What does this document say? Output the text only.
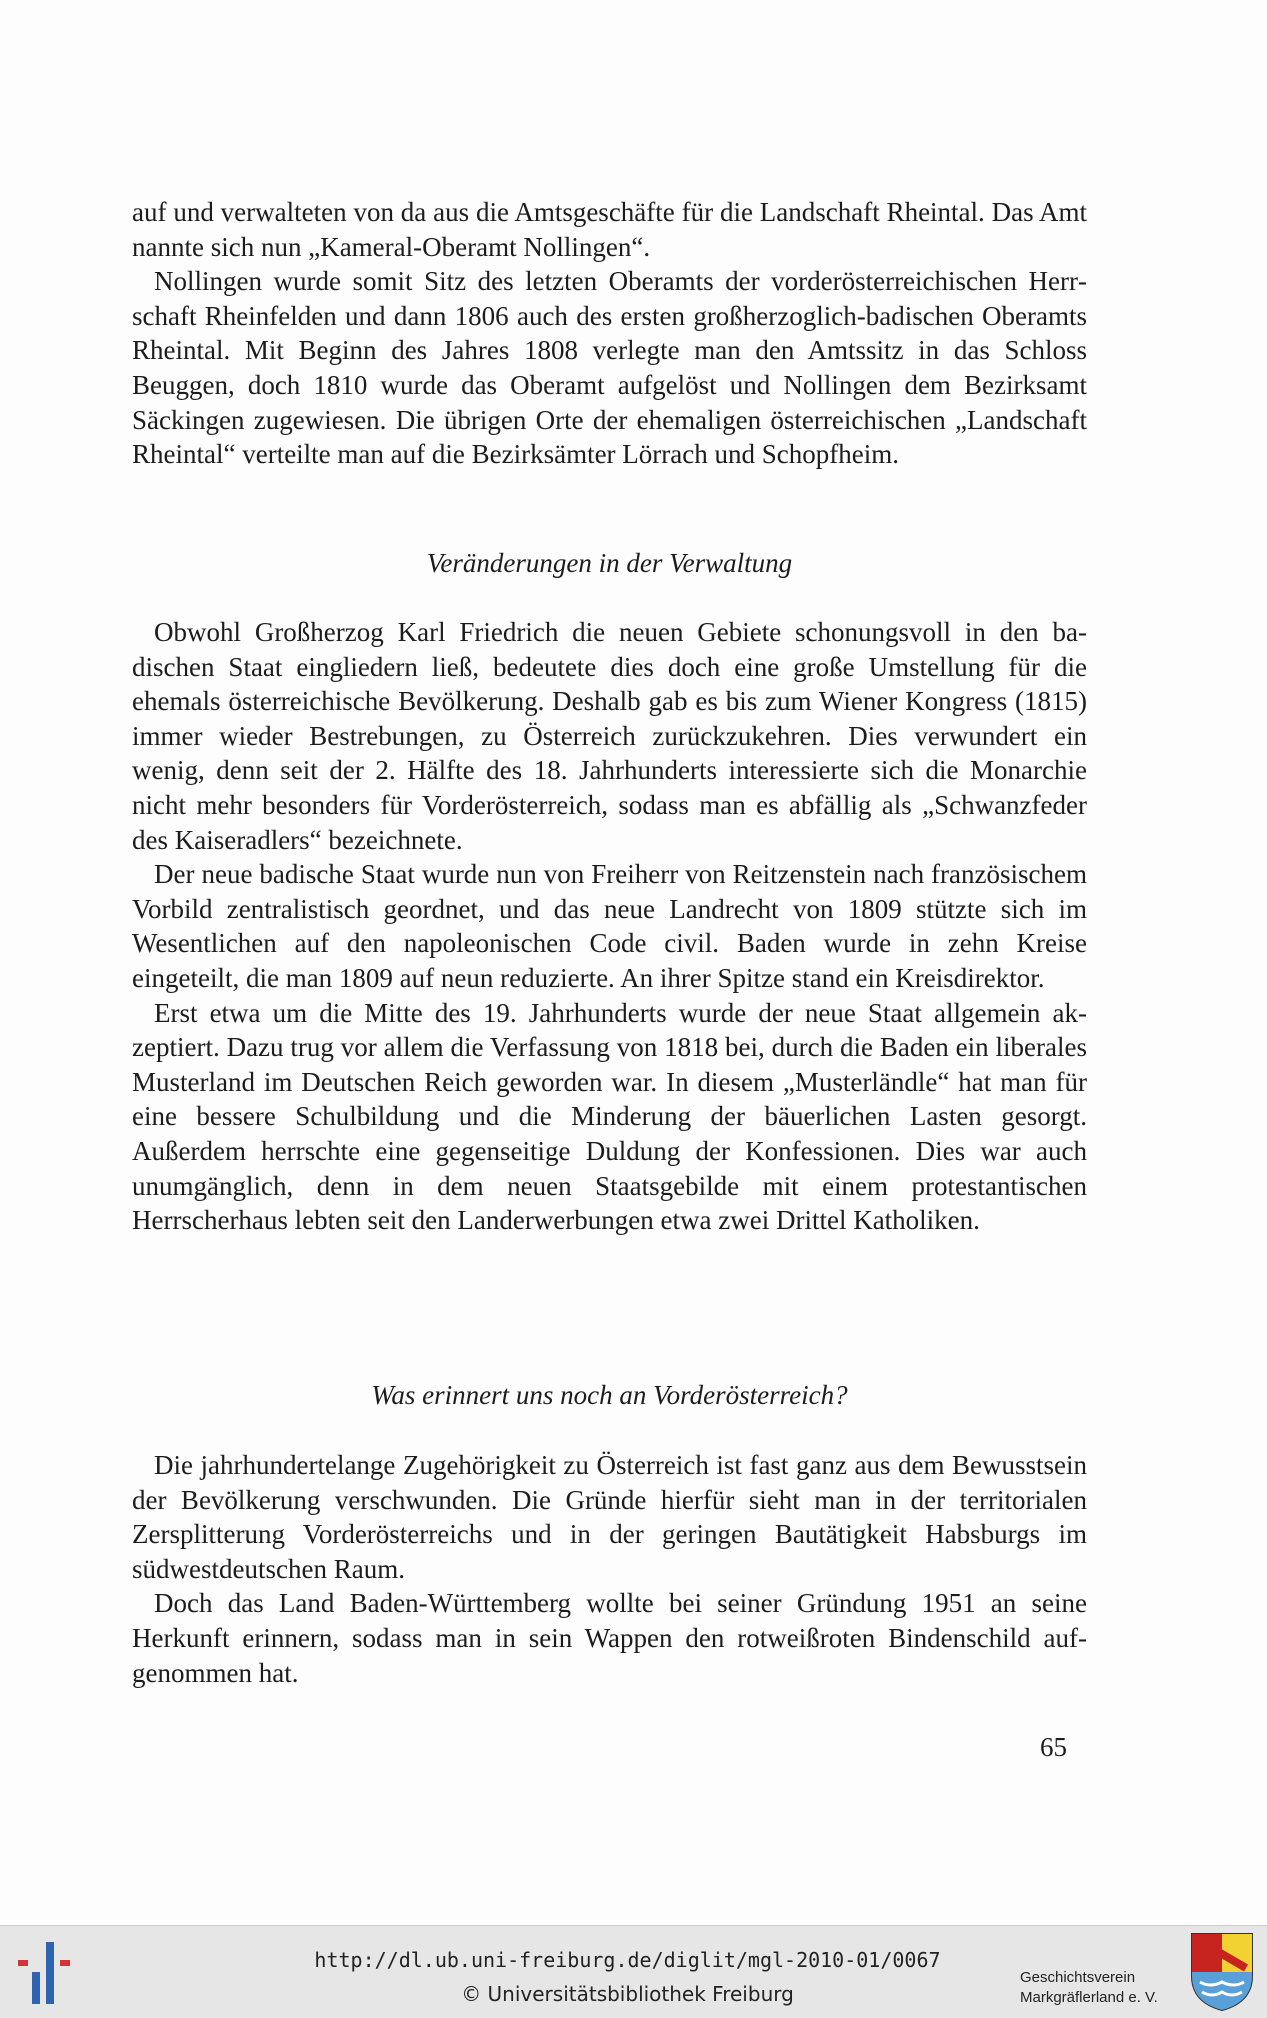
auf und verwalteten von da aus die Amtsgeschäfte für die Landschaft Rheintal. Das Amt nannte sich nun „Kameral-Oberamt Nollingen“.

Nollingen wurde somit Sitz des letzten Oberamts der vorderösterreichischen Herrschaft Rheinfelden und dann 1806 auch des ersten großherzoglich-badischen Oberamts Rheintal. Mit Beginn des Jahres 1808 verlegte man den Amtssitz in das Schloss Beuggen, doch 1810 wurde das Oberamt aufgelöst und Nollingen dem Bezirksamt Säckingen zugewiesen. Die übrigen Orte der ehemaligen österreichischen „Landschaft Rheintal“ verteilte man auf die Bezirksämter Lörrach und Schopfheim.

Veränderungen in der Verwaltung

Obwohl Großherzog Karl Friedrich die neuen Gebiete schonungsvoll in den badischen Staat eingliedern ließ, bedeutete dies doch eine große Umstellung für die ehemals österreichische Bevölkerung. Deshalb gab es bis zum Wiener Kongress (1815) immer wieder Bestrebungen, zu Österreich zurückzukehren. Dies verwundert ein wenig, denn seit der 2. Hälfte des 18. Jahrhunderts interessierte sich die Monarchie nicht mehr besonders für Vorderösterreich, sodass man es abfällig als „Schwanzfeder des Kaiseradlers“ bezeichnete.

Der neue badische Staat wurde nun von Freiherr von Reitzenstein nach französischem Vorbild zentralistisch geordnet, und das neue Landrecht von 1809 stützte sich im Wesentlichen auf den napoleonischen Code civil. Baden wurde in zehn Kreise eingeteilt, die man 1809 auf neun reduzierte. An ihrer Spitze stand ein Kreisdirektor.

Erst etwa um die Mitte des 19. Jahrhunderts wurde der neue Staat allgemein akzeptiert. Dazu trug vor allem die Verfassung von 1818 bei, durch die Baden ein liberales Musterland im Deutschen Reich geworden war. In diesem „Musterländle“ hat man für eine bessere Schulbildung und die Minderung der bäuerlichen Lasten gesorgt. Außerdem herrschte eine gegenseitige Duldung der Konfessionen. Dies war auch unumgänglich, denn in dem neuen Staatsgebilde mit einem protestantischen Herrscherhaus lebten seit den Landerwerbungen etwa zwei Drittel Katholiken.

Was erinnert uns noch an Vorderösterreich?

Die jahrhundertelange Zugehörigkeit zu Österreich ist fast ganz aus dem Bewusstsein der Bevölkerung verschwunden. Die Gründe hierfür sieht man in der territorialen Zersplitterung Vorderösterreichs und in der geringen Bautätigkeit Habsburgs im südwestdeutschen Raum.

Doch das Land Baden-Württemberg wollte bei seiner Gründung 1951 an seine Herkunft erinnern, sodass man in sein Wappen den rotweißroten Bindenschild aufgenommen hat.

65
http://dl.ub.uni-freiburg.de/diglit/mgl-2010-01/0067
© Universitätsbibliothek Freiburg
Geschichtsverein
Markgräflerland e. V.
